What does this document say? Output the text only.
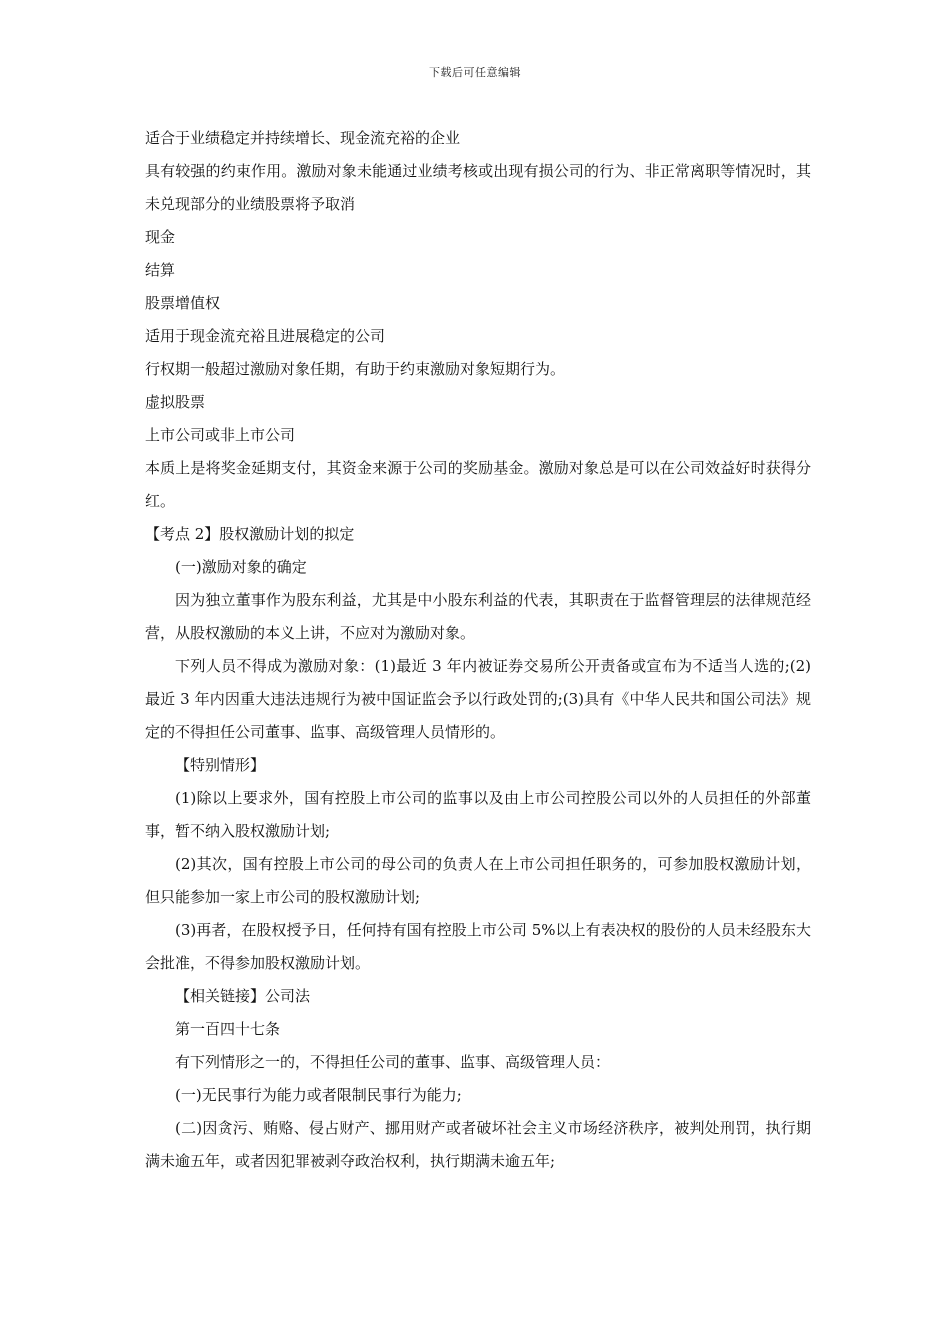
下载后可任意编辑

适合于业绩稳定并持续增长、现金流充裕的企业

具有较强的约束作用。激励对象未能通过业绩考核或出现有损公司的行为、非正常离职等情况时，其未兑现部分的业绩股票将予取消

现金

结算

股票增值权

适用于现金流充裕且进展稳定的公司

行权期一般超过激励对象任期，有助于约束激励对象短期行为。

虚拟股票

上市公司或非上市公司

本质上是将奖金延期支付，其资金来源于公司的奖励基金。激励对象总是可以在公司效益好时获得分红。

【考点 2】股权激励计划的拟定

(一)激励对象的确定

因为独立董事作为股东利益，尤其是中小股东利益的代表，其职责在于监督管理层的法律规范经营，从股权激励的本义上讲，不应对为激励对象。

下列人员不得成为激励对象：(1)最近 3 年内被证券交易所公开责备或宣布为不适当人选的;(2)最近 3 年内因重大违法违规行为被中国证监会予以行政处罚的;(3)具有《中华人民共和国公司法》规定的不得担任公司董事、监事、高级管理人员情形的。

【特别情形】

(1)除以上要求外，国有控股上市公司的监事以及由上市公司控股公司以外的人员担任的外部董事，暂不纳入股权激励计划;

(2)其次，国有控股上市公司的母公司的负责人在上市公司担任职务的，可参加股权激励计划，但只能参加一家上市公司的股权激励计划;

(3)再者，在股权授予日，任何持有国有控股上市公司 5%以上有表决权的股份的人员未经股东大会批准，不得参加股权激励计划。

【相关链接】公司法

第一百四十七条

有下列情形之一的，不得担任公司的董事、监事、高级管理人员：

(一)无民事行为能力或者限制民事行为能力;

(二)因贪污、贿赂、侵占财产、挪用财产或者破坏社会主义市场经济秩序，被判处刑罚，执行期满未逾五年，或者因犯罪被剥夺政治权利，执行期满未逾五年;
